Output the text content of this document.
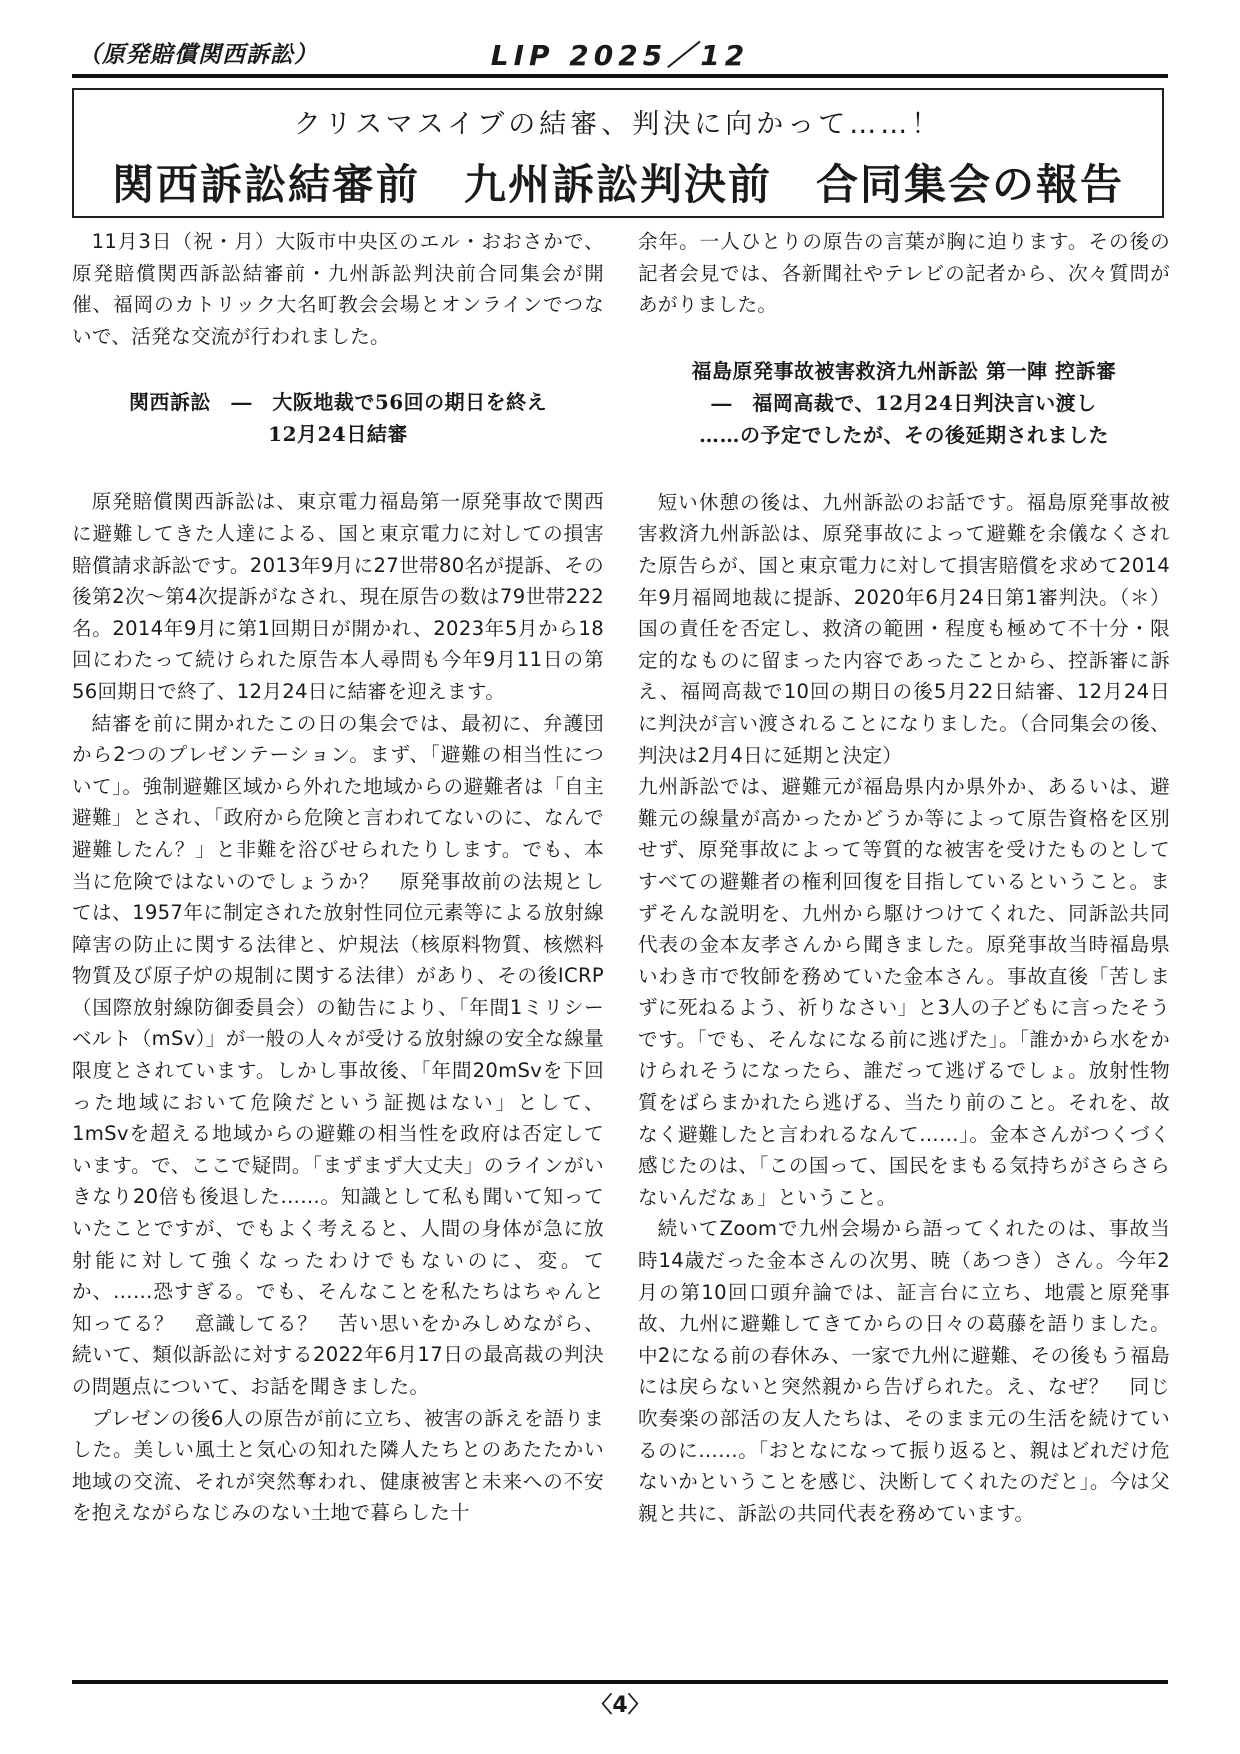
（原発賠償関西訴訟）	LIP 2025／12
クリスマスイブの結審、判決に向かって……！
関西訴訟結審前　九州訴訟判決前　合同集会の報告

11月3日（祝・月）大阪市中央区のエル・おおさかで、原発賠償関西訴訟結審前・九州訴訟判決前合同集会が開催、福岡のカトリック大名町教会会場とオンラインでつないで、活発な交流が行われました。

関西訴訟　―　大阪地裁で56回の期日を終え
12月24日結審

原発賠償関西訴訟は、東京電力福島第一原発事故で関西に避難してきた人達による、国と東京電力に対しての損害賠償請求訴訟です。2013年9月に27世帯80名が提訴、その後第2次〜第4次提訴がなされ、現在原告の数は79世帯222名。2014年9月に第1回期日が開かれ、2023年5月から18回にわたって続けられた原告本人尋問も今年9月11日の第56回期日で終了、12月24日に結審を迎えます。

結審を前に開かれたこの日の集会では、最初に、弁護団から2つのプレゼンテーション。まず、「避難の相当性について」。強制避難区域から外れた地域からの避難者は「自主避難」とされ、「政府から危険と言われてないのに、なんで避難したん？」と非難を浴びせられたりします。でも、本当に危険ではないのでしょうか？　原発事故前の法規としては、1957年に制定された放射性同位元素等による放射線障害の防止に関する法律と、炉規法（核原料物質、核燃料物質及び原子炉の規制に関する法律）があり、その後ICRP（国際放射線防御委員会）の勧告により、「年間1ミリシーベルト（mSv）」が一般の人々が受ける放射線の安全な線量限度とされています。しかし事故後、「年間20mSvを下回った地域において危険だという証拠はない」として、1mSvを超える地域からの避難の相当性を政府は否定しています。で、ここで疑問。「まずまず大丈夫」のラインがいきなり20倍も後退した……。知識として私も聞いて知っていたことですが、でもよく考えると、人間の身体が急に放射能に対して強くなったわけでもないのに、変。てか、……恐すぎる。でも、そんなことを私たちはちゃんと知ってる？　意識してる？　苦い思いをかみしめながら、続いて、類似訴訟に対する2022年6月17日の最高裁の判決の問題点について、お話を聞きました。

プレゼンの後6人の原告が前に立ち、被害の訴えを語りました。美しい風土と気心の知れた隣人たちとのあたたかい地域の交流、それが突然奪われ、健康被害と未来への不安を抱えながらなじみのない土地で暮らした十

余年。一人ひとりの原告の言葉が胸に迫ります。その後の記者会見では、各新聞社やテレビの記者から、次々質問があがりました。

福島原発事故被害救済九州訴訟 第一陣 控訴審
―　福岡高裁で、12月24日判決言い渡し
……の予定でしたが、その後延期されました

短い休憩の後は、九州訴訟のお話です。福島原発事故被害救済九州訴訟は、原発事故によって避難を余儀なくされた原告らが、国と東京電力に対して損害賠償を求めて2014年9月福岡地裁に提訴、2020年6月24日第1審判決。（＊）国の責任を否定し、救済の範囲・程度も極めて不十分・限定的なものに留まった内容であったことから、控訴審に訴え、福岡高裁で10回の期日の後5月22日結審、12月24日に判決が言い渡されることになりました。（合同集会の後、判決は2月4日に延期と決定）

九州訴訟では、避難元が福島県内か県外か、あるいは、避難元の線量が高かったかどうか等によって原告資格を区別せず、原発事故によって等質的な被害を受けたものとしてすべての避難者の権利回復を目指しているということ。まずそんな説明を、九州から駆けつけてくれた、同訴訟共同代表の金本友孝さんから聞きました。原発事故当時福島県いわき市で牧師を務めていた金本さん。事故直後「苦しまずに死ねるよう、祈りなさい」と3人の子どもに言ったそうです。「でも、そんなになる前に逃げた」。「誰かから水をかけられそうになったら、誰だって逃げるでしょ。放射性物質をばらまかれたら逃げる、当たり前のこと。それを、故なく避難したと言われるなんて……」。金本さんがつくづく感じたのは、「この国って、国民をまもる気持ちがさらさらないんだなぁ」ということ。

続いてZoomで九州会場から語ってくれたのは、事故当時14歳だった金本さんの次男、暁（あつき）さん。今年2月の第10回口頭弁論では、証言台に立ち、地震と原発事故、九州に避難してきてからの日々の葛藤を語りました。中2になる前の春休み、一家で九州に避難、その後もう福島には戻らないと突然親から告げられた。え、なぜ？　同じ吹奏楽の部活の友人たちは、そのまま元の生活を続けているのに……。「おとなになって振り返ると、親はどれだけ危ないかということを感じ、決断してくれたのだと」。今は父親と共に、訴訟の共同代表を務めています。

〈4〉
